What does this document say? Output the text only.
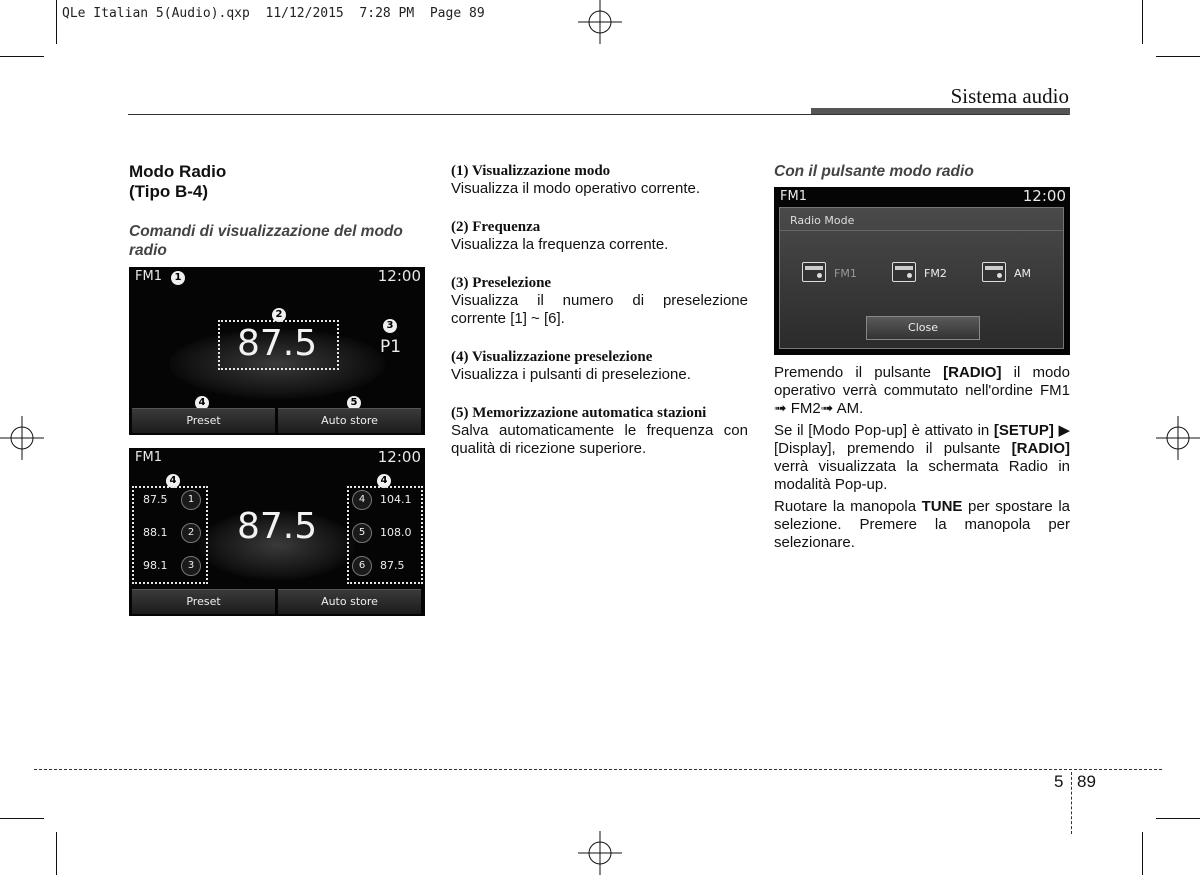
QLe Italian 5(Audio).qxp  11/12/2015  7:28 PM  Page 89
Sistema audio
Modo Radio
(Tipo B-4)
Comandi di visualizzazione del modo
radio
FM1	1	12:00
2
87.5	3
P1
4	5
Preset	Auto store
FM1	12:00
4	4
87.5	1
88.1	2
98.1	3
87.5
4	104.1
5	108.0
6	87.5
Preset	Auto store
(1) Visualizzazione modo
Visualizza il modo operativo corrente.
(2) Frequenza
Visualizza la frequenza corrente.
(3) Preselezione
Visualizza il numero di preselezione corrente [1] ~ [6].
(4) Visualizzazione preselezione
Visualizza i pulsanti di preselezione.
(5) Memorizzazione automatica stazioni
Salva automaticamente le frequenza con qualità di ricezione superiore.
Con il pulsante modo radio
FM1	12:00
Radio Mode
FM1	FM2	AM
Close

Premendo il pulsante [RADIO] il modo operativo verrà commutato nell'ordine FM1 ➟ FM2➟ AM.

Se il [Modo Pop-up] è attivato in [SETUP] ▶ [Display], premendo il pulsante [RADIO] verrà visualizzata la schermata Radio in modalità Pop-up.

Ruotare la manopola TUNE per spostare la selezione. Premere la manopola per selezionare.

5 89
